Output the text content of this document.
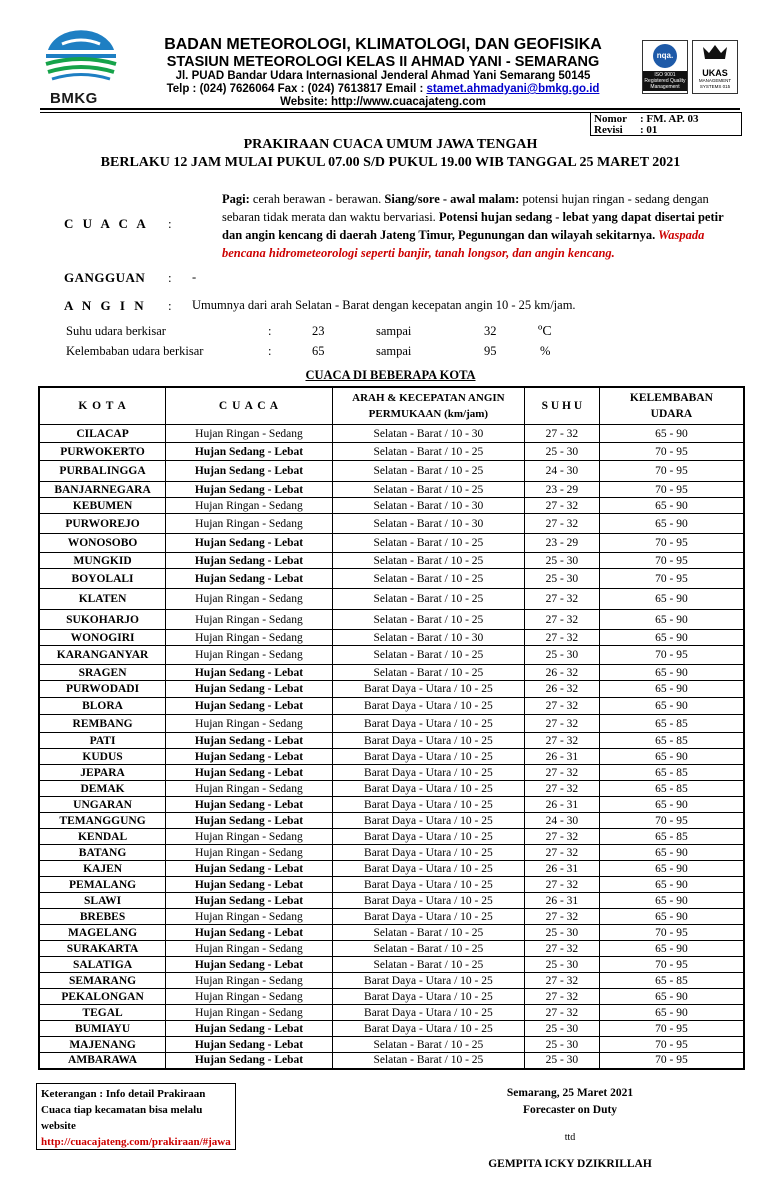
BMKG
BADAN METEOROLOGI, KLIMATOLOGI, DAN GEOFISIKA
STASIUN METEOROLOGI KELAS II AHMAD YANI - SEMARANG
Jl. PUAD Bandar Udara Internasional Jenderal Ahmad Yani Semarang 50145
Telp : (024) 7626064 Fax : (024) 7613817 Email : stamet.ahmadyani@bmkg.go.id
Website: http://www.cuacajateng.com
nqa.
ISO 9001 Registered Quality Management
UKAS
MANAGEMENT SYSTEMS 015
Nomor	: FM. AP. 03
Revisi	: 01
PRAKIRAAN CUACA UMUM JAWA TENGAH
BERLAKU 12 JAM MULAI PUKUL 07.00 S/D PUKUL 19.00 WIB TANGGAL 25 MARET 2021
C U A C A :
Pagi: cerah berawan - berawan. Siang/sore - awal malam: potensi hujan ringan - sedang dengan sebaran tidak merata dan waktu bervariasi. Potensi hujan sedang - lebat yang dapat disertai petir dan angin kencang di daerah Jateng Timur, Pegunungan dan wilayah sekitarnya. Waspada bencana hidrometeorologi seperti banjir, tanah longsor, dan angin kencang.
GANGGUAN : -
A N G I N : Umumnya dari arah Selatan - Barat dengan kecepatan angin 10 - 25 km/jam.
Suhu udara berkisar	:	23	sampai	32	ºC
Kelembaban udara berkisar	:	65	sampai	95	%
CUACA DI BEBERAPA KOTA
K O T A	C U A C A	ARAH & KECEPATAN ANGIN PERMUKAAN (km/jam)	S U H U	KELEMBABAN UDARA
CILACAP	Hujan Ringan - Sedang	Selatan - Barat / 10 - 30	27 - 32	65 - 90
PURWOKERTO	Hujan Sedang - Lebat	Selatan - Barat / 10 - 25	25 - 30	70 - 95
PURBALINGGA	Hujan Sedang - Lebat	Selatan - Barat / 10 - 25	24 - 30	70 - 95
BANJARNEGARA	Hujan Sedang - Lebat	Selatan - Barat / 10 - 25	23 - 29	70 - 95
KEBUMEN	Hujan Ringan - Sedang	Selatan - Barat / 10 - 30	27 - 32	65 - 90
PURWOREJO	Hujan Ringan - Sedang	Selatan - Barat / 10 - 30	27 - 32	65 - 90
WONOSOBO	Hujan Sedang - Lebat	Selatan - Barat / 10 - 25	23 - 29	70 - 95
MUNGKID	Hujan Sedang - Lebat	Selatan - Barat / 10 - 25	25 - 30	70 - 95
BOYOLALI	Hujan Sedang - Lebat	Selatan - Barat / 10 - 25	25 - 30	70 - 95
KLATEN	Hujan Ringan - Sedang	Selatan - Barat / 10 - 25	27 - 32	65 - 90
SUKOHARJO	Hujan Ringan - Sedang	Selatan - Barat / 10 - 25	27 - 32	65 - 90
WONOGIRI	Hujan Ringan - Sedang	Selatan - Barat / 10 - 30	27 - 32	65 - 90
KARANGANYAR	Hujan Ringan - Sedang	Selatan - Barat / 10 - 25	25 - 30	70 - 95
SRAGEN	Hujan Sedang - Lebat	Selatan - Barat / 10 - 25	26 - 32	65 - 90
PURWODADI	Hujan Sedang - Lebat	Barat Daya - Utara / 10 - 25	26 - 32	65 - 90
BLORA	Hujan Sedang - Lebat	Barat Daya - Utara / 10 - 25	27 - 32	65 - 90
REMBANG	Hujan Ringan - Sedang	Barat Daya - Utara / 10 - 25	27 - 32	65 - 85
PATI	Hujan Sedang - Lebat	Barat Daya - Utara / 10 - 25	27 - 32	65 - 85
KUDUS	Hujan Sedang - Lebat	Barat Daya - Utara / 10 - 25	26 - 31	65 - 90
JEPARA	Hujan Sedang - Lebat	Barat Daya - Utara / 10 - 25	27 - 32	65 - 85
DEMAK	Hujan Ringan - Sedang	Barat Daya - Utara / 10 - 25	27 - 32	65 - 85
UNGARAN	Hujan Sedang - Lebat	Barat Daya - Utara / 10 - 25	26 - 31	65 - 90
TEMANGGUNG	Hujan Sedang - Lebat	Barat Daya - Utara / 10 - 25	24 - 30	70 - 95
KENDAL	Hujan Ringan - Sedang	Barat Daya - Utara / 10 - 25	27 - 32	65 - 85
BATANG	Hujan Ringan - Sedang	Barat Daya - Utara / 10 - 25	27 - 32	65 - 90
KAJEN	Hujan Sedang - Lebat	Barat Daya - Utara / 10 - 25	26 - 31	65 - 90
PEMALANG	Hujan Sedang - Lebat	Barat Daya - Utara / 10 - 25	27 - 32	65 - 90
SLAWI	Hujan Sedang - Lebat	Barat Daya - Utara / 10 - 25	26 - 31	65 - 90
BREBES	Hujan Ringan - Sedang	Barat Daya - Utara / 10 - 25	27 - 32	65 - 90
MAGELANG	Hujan Sedang - Lebat	Selatan - Barat / 10 - 25	25 - 30	70 - 95
SURAKARTA	Hujan Ringan - Sedang	Selatan - Barat / 10 - 25	27 - 32	65 - 90
SALATIGA	Hujan Sedang - Lebat	Selatan - Barat / 10 - 25	25 - 30	70 - 95
SEMARANG	Hujan Ringan - Sedang	Barat Daya - Utara / 10 - 25	27 - 32	65 - 85
PEKALONGAN	Hujan Ringan - Sedang	Barat Daya - Utara / 10 - 25	27 - 32	65 - 90
TEGAL	Hujan Ringan - Sedang	Barat Daya - Utara / 10 - 25	27 - 32	65 - 90
BUMIAYU	Hujan Sedang - Lebat	Barat Daya - Utara / 10 - 25	25 - 30	70 - 95
MAJENANG	Hujan Sedang - Lebat	Selatan - Barat / 10 - 25	25 - 30	70 - 95
AMBARAWA	Hujan Sedang - Lebat	Selatan - Barat / 10 - 25	25 - 30	70 - 95
Keterangan : Info detail Prakiraan Cuaca tiap kecamatan bisa melalu website
http://cuacajateng.com/prakiraan/#jawa
Semarang, 25 Maret 2021
Forecaster on Duty
ttd
GEMPITA ICKY DZIKRILLAH
